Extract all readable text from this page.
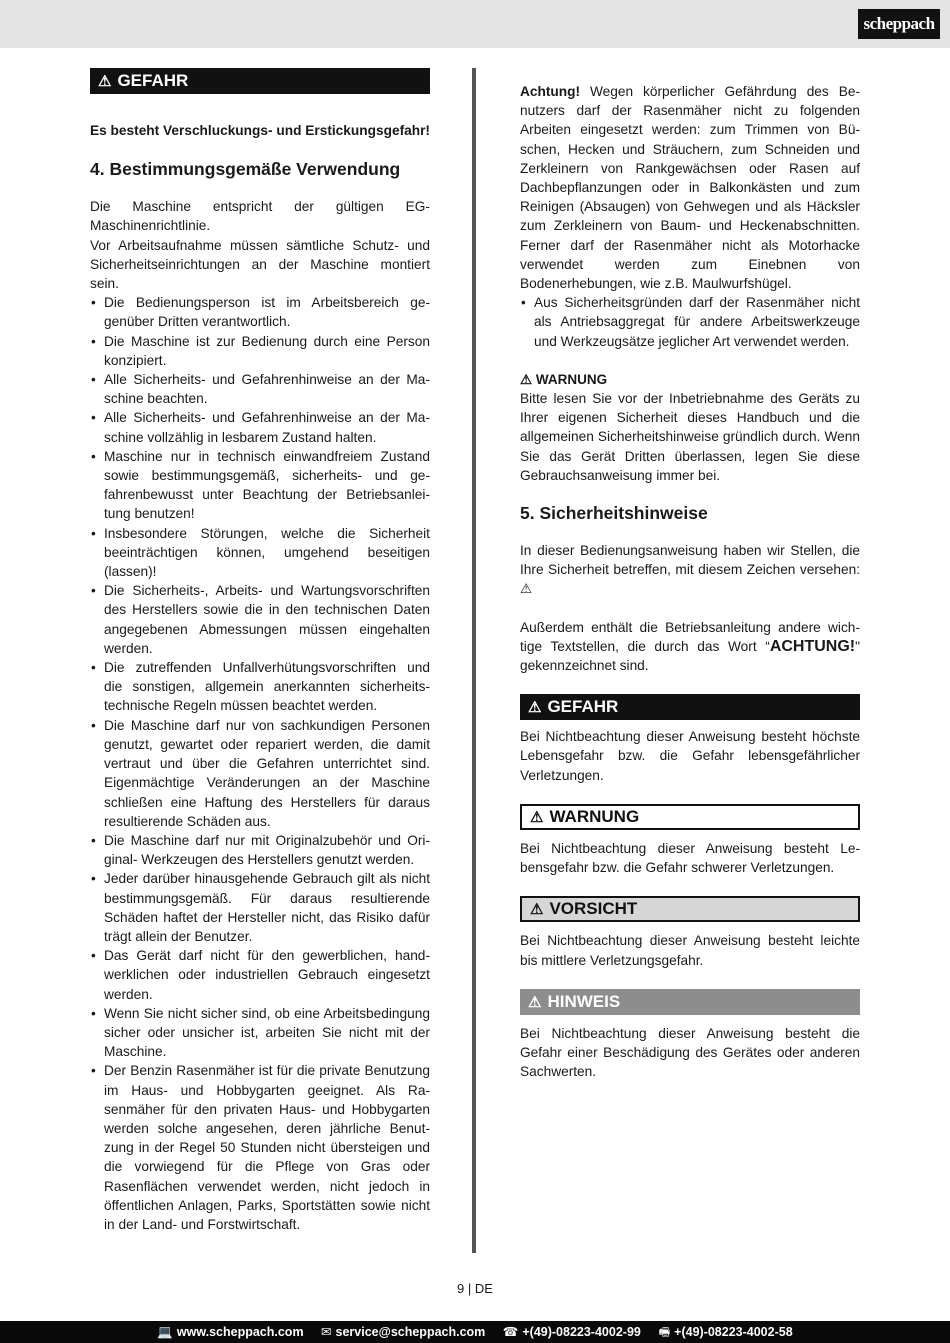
scheppach
⚠ GEFAHR

Es besteht Verschluckungs- und Erstickungsgefahr!

4. Bestimmungsgemäße Verwendung

Die Maschine entspricht der gültigen EG-Maschinenrichtlinie.

Vor Arbeitsaufnahme müssen sämtliche Schutz- und Sicherheitseinrichtungen an der Maschine montiert sein.

• Die Bedienungsperson ist im Arbeitsbereich gegenüber Dritten verantwortlich.
• Die Maschine ist zur Bedienung durch eine Person konzipiert.
• Alle Sicherheits- und Gefahrenhinweise an der Maschine beachten.
• Alle Sicherheits- und Gefahrenhinweise an der Maschine vollzählig in lesbarem Zustand halten.
• Maschine nur in technisch einwandfreiem Zustand sowie bestimmungsgemäß, sicherheits- und gefahrenbewusst unter Beachtung der Betriebsanleitung benutzen!
• Insbesondere Störungen, welche die Sicherheit beeinträchtigen können, umgehend beseitigen (lassen)!
• Die Sicherheits-, Arbeits- und Wartungsvorschriften des Herstellers sowie die in den technischen Daten angegebenen Abmessungen müssen eingehalten werden.
• Die zutreffenden Unfallverhütungsvorschriften und die sonstigen, allgemein anerkannten sicherheitstechnische Regeln müssen beachtet werden.
• Die Maschine darf nur von sachkundigen Personen genutzt, gewartet oder repariert werden, die damit vertraut und über die Gefahren unterrichtet sind. Eigenmächtige Veränderungen an der Maschine schließen eine Haftung des Herstellers für daraus resultierende Schäden aus.
• Die Maschine darf nur mit Originalzubehör und Original- Werkzeugen des Herstellers genutzt werden.
• Jeder darüber hinausgehende Gebrauch gilt als nicht bestimmungsgemäß. Für daraus resultierende Schäden haftet der Hersteller nicht, das Risiko dafür trägt allein der Benutzer.
• Das Gerät darf nicht für den gewerblichen, handwerklichen oder industriellen Gebrauch eingesetzt werden.
• Wenn Sie nicht sicher sind, ob eine Arbeitsbedingung sicher oder unsicher ist, arbeiten Sie nicht mit der Maschine.
• Der Benzin Rasenmäher ist für die private Benutzung im Haus- und Hobbygarten geeignet. Als Rasenmäher für den privaten Haus- und Hobbygarten werden solche angesehen, deren jährliche Benutzung in der Regel 50 Stunden nicht übersteigen und die vorwiegend für die Pflege von Gras oder Rasenflächen verwendet werden, nicht jedoch in öffentlichen Anlagen, Parks, Sportstätten sowie nicht in der Land- und Forstwirtschaft.

Achtung! Wegen körperlicher Gefährdung des Benutzers darf der Rasenmäher nicht zu folgenden Arbeiten eingesetzt werden: zum Trimmen von Büschen, Hecken und Sträuchern, zum Schneiden und Zerkleinern von Rankgewächsen oder Rasen auf Dachbepflanzungen oder in Balkonkästen und zum Reinigen (Absaugen) von Gehwegen und als Häcksler zum Zerkleinern von Baum- und Heckenabschnitten. Ferner darf der Rasenmäher nicht als Motorhacke verwendet werden zum Einebnen von Bodenerhebungen, wie z.B. Maulwurfshügel.

• Aus Sicherheitsgründen darf der Rasenmäher nicht als Antriebsaggregat für andere Arbeitswerkzeuge und Werkzeugsätze jeglicher Art verwendet werden.

⚠ WARNUNG

Bitte lesen Sie vor der Inbetriebnahme des Geräts zu Ihrer eigenen Sicherheit dieses Handbuch und die allgemeinen Sicherheitshinweise gründlich durch. Wenn Sie das Gerät Dritten überlassen, legen Sie diese Gebrauchsanweisung immer bei.

5. Sicherheitshinweise

In dieser Bedienungsanweisung haben wir Stellen, die Ihre Sicherheit betreffen, mit diesem Zeichen versehen: ⚠

Außerdem enthält die Betriebsanleitung andere wichtige Textstellen, die durch das Wort “ACHTUNG!" gekennzeichnet sind.

⚠ GEFAHR

Bei Nichtbeachtung dieser Anweisung besteht höchste Lebensgefahr bzw. die Gefahr lebensgefährlicher Verletzungen.

⚠ WARNUNG

Bei Nichtbeachtung dieser Anweisung besteht Lebensgefahr bzw. die Gefahr schwerer Verletzungen.

⚠ VORSICHT

Bei Nichtbeachtung dieser Anweisung besteht leichte bis mittlere Verletzungsgefahr.

⚠ HINWEIS

Bei Nichtbeachtung dieser Anweisung besteht die Gefahr einer Beschädigung des Gerätes oder anderen Sachwerten.

9 | DE
💻 www.scheppach.com ✉ service@scheppach.com ☎ +(49)-08223-4002-99 🖷 +(49)-08223-4002-58
